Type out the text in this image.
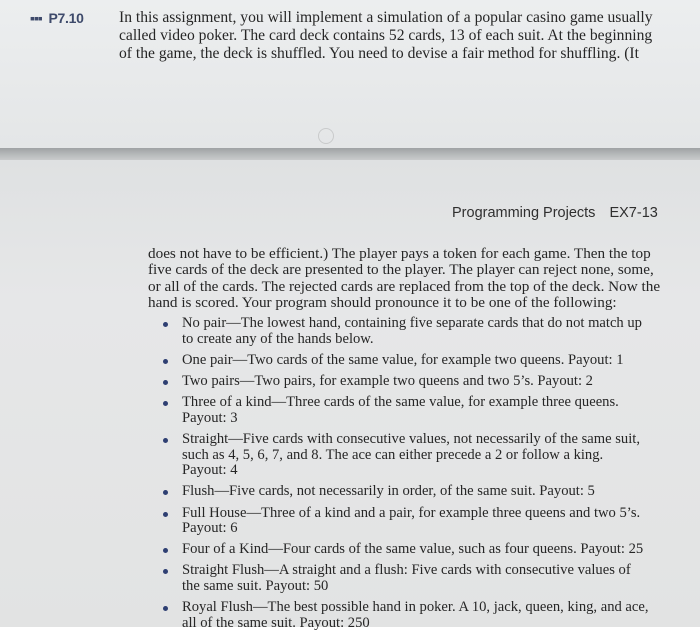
▪▪▪ P7.10 In this assignment, you will implement a simulation of a popular casino game usually
called video poker. The card deck contains 52 cards, 13 of each suit. At the beginning
of the game, the deck is shuffled. You need to devise a fair method for shuffling. (It
Programming Projects EX7-13
does not have to be efficient.) The player pays a token for each game. Then the top
five cards of the deck are presented to the player. The player can reject none, some,
or all of the cards. The rejected cards are replaced from the top of the deck. Now the
hand is scored. Your program should pronounce it to be one of the following:
No pair—The lowest hand, containing five separate cards that do not match up
to create any of the hands below.
One pair—Two cards of the same value, for example two queens. Payout: 1
Two pairs—Two pairs, for example two queens and two 5’s. Payout: 2
Three of a kind—Three cards of the same value, for example three queens.
Payout: 3
Straight—Five cards with consecutive values, not necessarily of the same suit,
such as 4, 5, 6, 7, and 8. The ace can either precede a 2 or follow a king.
Payout: 4
Flush—Five cards, not necessarily in order, of the same suit. Payout: 5
Full House—Three of a kind and a pair, for example three queens and two 5’s.
Payout: 6
Four of a Kind—Four cards of the same value, such as four queens. Payout: 25
Straight Flush—A straight and a flush: Five cards with consecutive values of
the same suit. Payout: 50
Royal Flush—The best possible hand in poker. A 10, jack, queen, king, and ace,
all of the same suit. Payout: 250
